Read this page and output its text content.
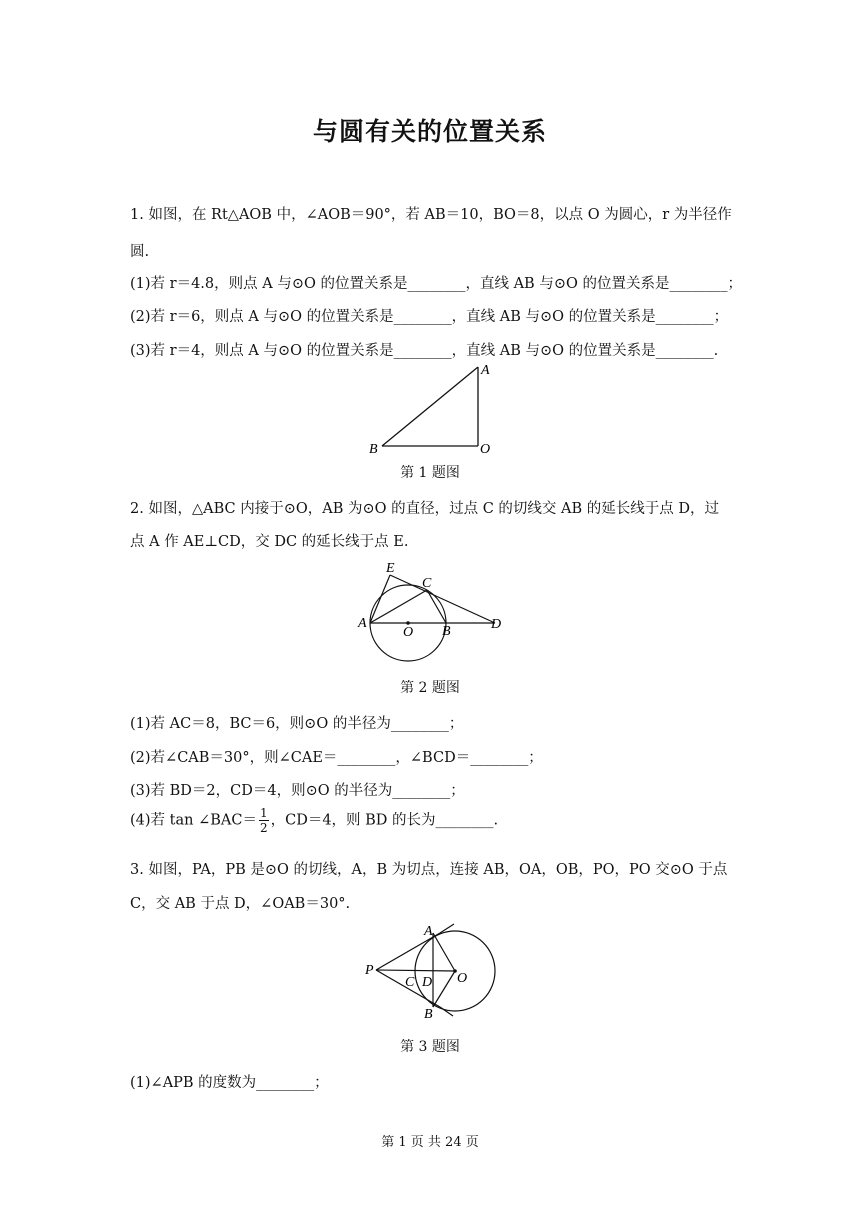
与圆有关的位置关系
1. 如图，在 Rt△AOB 中，∠AOB＝90°，若 AB＝10，BO＝8，以点 O 为圆心，r 为半径作
圆.
(1)若 r＝4.8，则点 A 与⊙O 的位置关系是________，直线 AB 与⊙O 的位置关系是________；
(2)若 r＝6，则点 A 与⊙O 的位置关系是________，直线 AB 与⊙O 的位置关系是________；
(3)若 r＝4，则点 A 与⊙O 的位置关系是________，直线 AB 与⊙O 的位置关系是________.
A
B	O
第 1 题图
2. 如图，△ABC 内接于⊙O，AB 为⊙O 的直径，过点 C 的切线交 AB 的延长线于点 D，过
点 A 作 AE⊥CD，交 DC 的延长线于点 E.
E
C
A
O B	D
第 2 题图
(1)若 AC＝8，BC＝6，则⊙O 的半径为________；
(2)若∠CAB＝30°，则∠CAE＝________，∠BCD＝________；
(3)若 BD＝2，CD＝4，则⊙O 的半径为________；
(4)若 tan ∠BAC＝ $\frac{1}{2}$ ，CD＝4，则 BD 的长为________.
3. 如图，PA，PB 是⊙O 的切线，A，B 为切点，连接 AB，OA，OB，PO，PO 交⊙O 于点
C，交 AB 于点 D，∠OAB＝30°.
A
P
C D O
B
第 3 题图
(1)∠APB 的度数为________；
第 1 页 共 24 页
